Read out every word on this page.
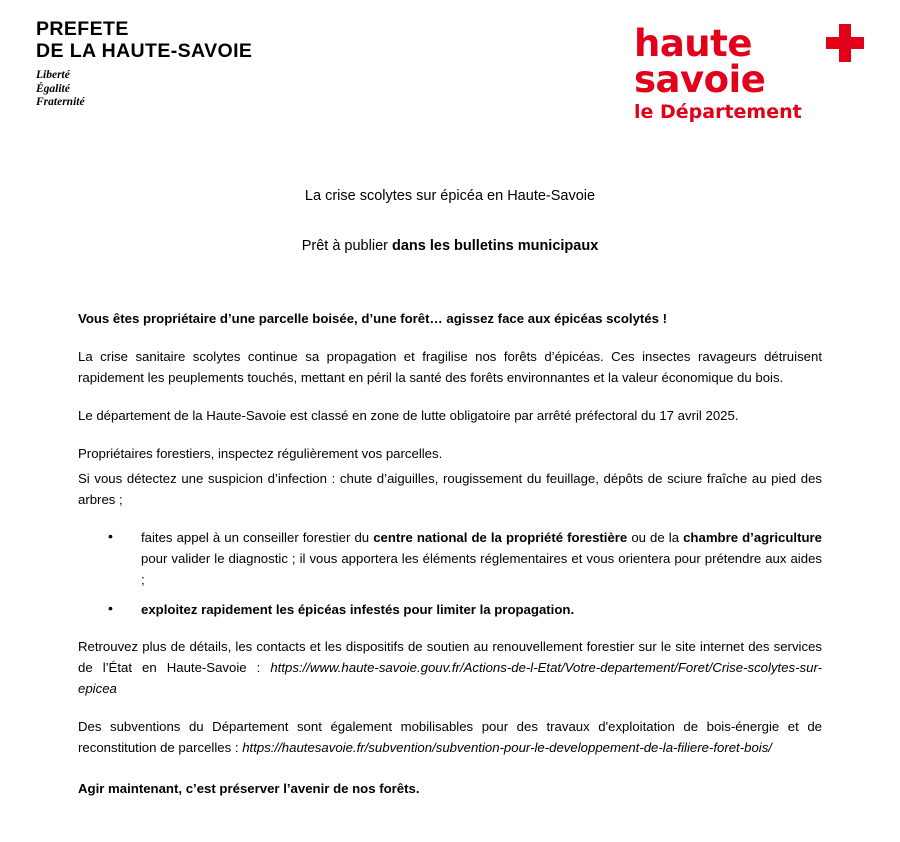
PREFETE
DE LA HAUTE-SAVOIE
Liberté
Égalité
Fraternité
haute
savoie
le Département
La crise scolytes sur épicéa en Haute-Savoie
Prêt à publier dans les bulletins municipaux

Vous êtes propriétaire d’une parcelle boisée, d’une forêt… agissez face aux épicéas scolytés !

La crise sanitaire scolytes continue sa propagation et fragilise nos forêts d’épicéas. Ces insectes ravageurs détruisent rapidement les peuplements touchés, mettant en péril la santé des forêts environnantes et la valeur économique du bois.

Le département de la Haute-Savoie est classé en zone de lutte obligatoire par arrêté préfectoral du 17 avril 2025.

Propriétaires forestiers, inspectez régulièrement vos parcelles.

Si vous détectez une suspicion d’infection : chute d’aiguilles, rougissement du feuillage, dépôts de sciure fraîche au pied des arbres ;

• faites appel à un conseiller forestier du centre national de la propriété forestière ou de la chambre d’agriculture pour valider le diagnostic ; il vous apportera les éléments réglementaires et vous orientera pour prétendre aux aides ;
• exploitez rapidement les épicéas infestés pour limiter la propagation.

Retrouvez plus de détails, les contacts et les dispositifs de soutien au renouvellement forestier sur le site internet des services de l’État en Haute-Savoie : https://www.haute-savoie.gouv.fr/Actions-de-l-Etat/Votre-departement/Foret/Crise-scolytes-sur-epicea

Des subventions du Département sont également mobilisables pour des travaux d'exploitation de bois-énergie et de reconstitution de parcelles : https://hautesavoie.fr/subvention/subvention-pour-le-developpement-de-la-filiere-foret-bois/

Agir maintenant, c’est préserver l’avenir de nos forêts.
